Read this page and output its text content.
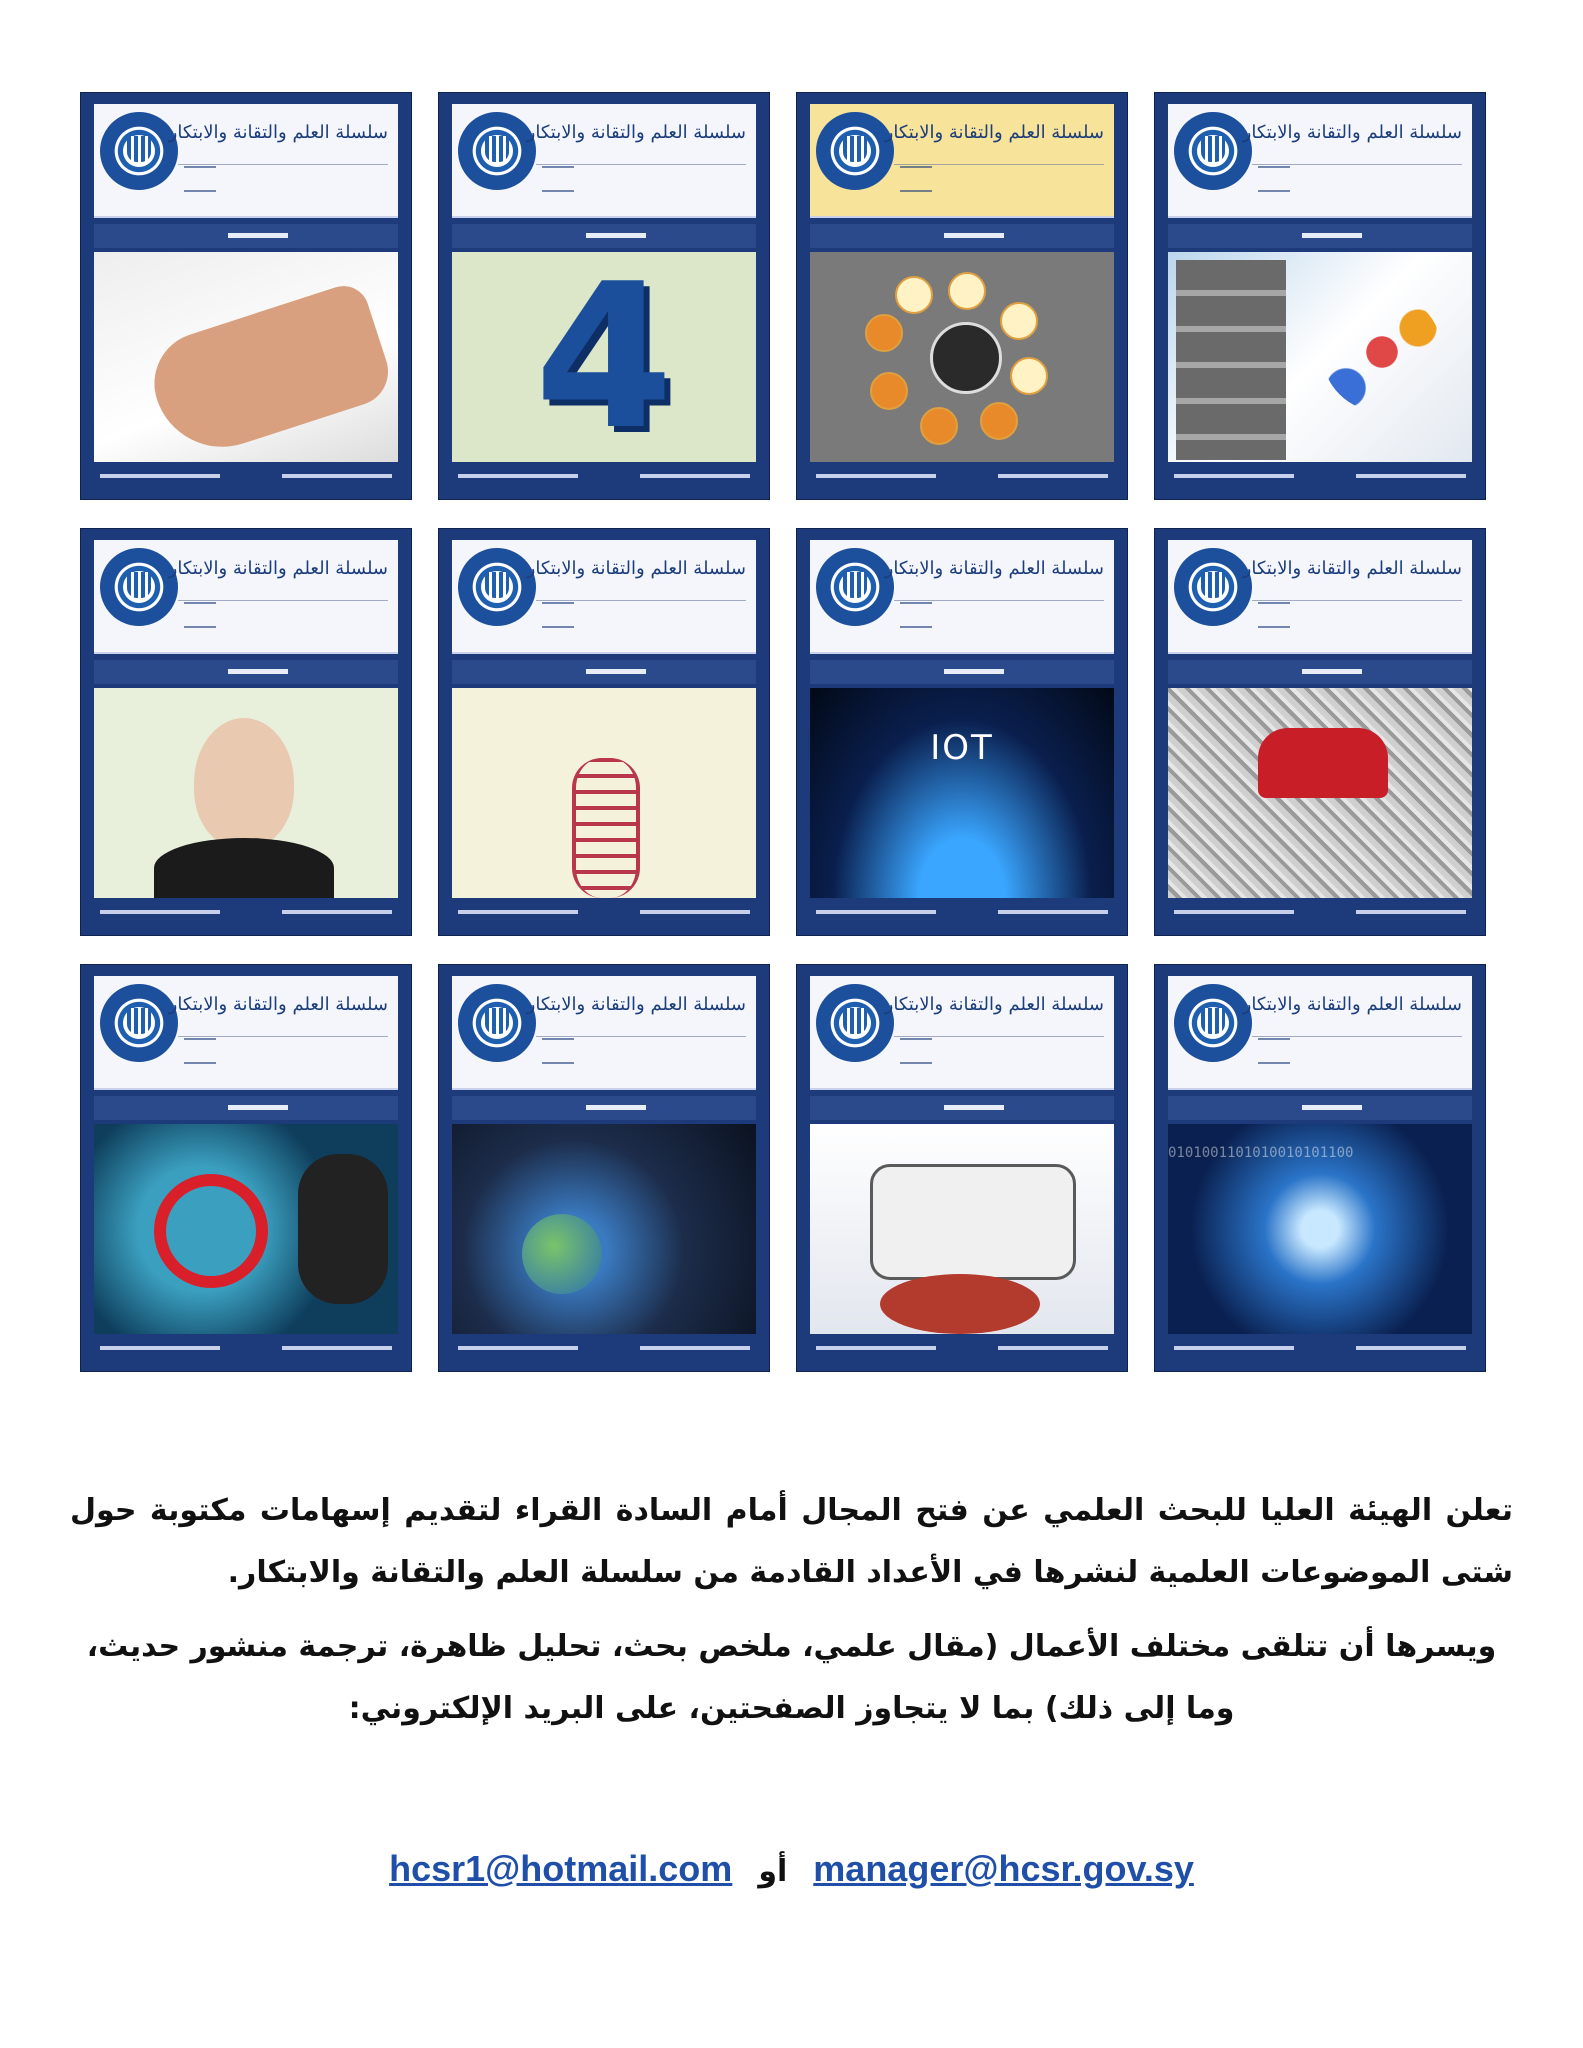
سلسلة العلم والتقانة والابتكار	سلسلة العلم والتقانة والابتكار
4
سلسلة العلم والتقانة والابتكار	سلسلة العلم والتقانة والابتكار
سلسلة العلم والتقانة والابتكار	سلسلة العلم والتقانة والابتكار	سلسلة العلم والتقانة والابتكار
IOT
سلسلة العلم والتقانة والابتكار
سلسلة العلم والتقانة والابتكار	سلسلة العلم والتقانة والابتكار	سلسلة العلم والتقانة والابتكار	سلسلة العلم والتقانة والابتكار
0101001101010010101100

تعلن الهيئة العليا للبحث العلمي عن فتح المجال أمام السادة القراء لتقديم إسهامات مكتوبة حول شتى الموضوعات العلمية لنشرها في الأعداد القادمة من سلسلة العلم والتقانة والابتكار.

ويسرها أن تتلقى مختلف الأعمال (مقال علمي، ملخص بحث، تحليل ظاهرة، ترجمة منشور حديث، وما إلى ذلك) بما لا يتجاوز الصفحتين، على البريد الإلكتروني:

hcsr1@hotmail.com أو manager@hcsr.gov.sy
